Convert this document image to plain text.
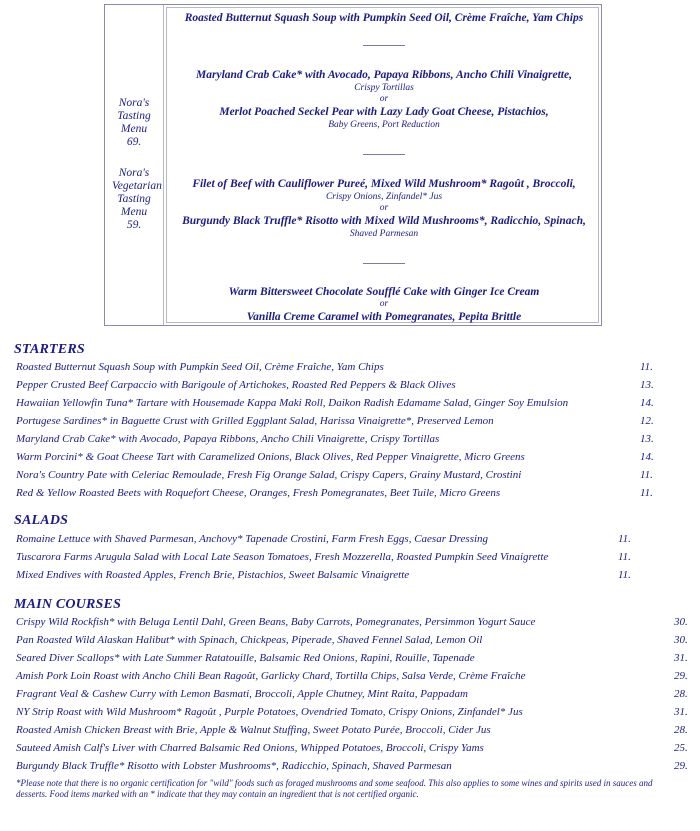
Nora's Tasting Menu
69.
Nora's Vegetarian Tasting Menu
59.
Roasted Butternut Squash Soup with Pumpkin Seed Oil, Crème Fraîche, Yam Chips
Maryland Crab Cake* with Avocado, Papaya Ribbons, Ancho Chili Vinaigrette,
Crispy Tortillas
or
Merlot Poached Seckel Pear with Lazy Lady Goat Cheese, Pistachios,
Baby Greens, Port Reduction
Filet of Beef with Cauliflower Pureé, Mixed Wild Mushroom* Ragoût , Broccoli,
Crispy Onions, Zinfandel* Jus
or
Burgundy Black Truffle* Risotto with Mixed Wild Mushrooms*, Radicchio, Spinach,
Shaved Parmesan
Warm Bittersweet Chocolate Soufflé Cake with Ginger Ice Cream
or
Vanilla Creme Caramel with Pomegranates, Pepita Brittle
STARTERS
Roasted Butternut Squash Soup with Pumpkin Seed Oil, Crème Fraîche, Yam Chips	11.
Pepper Crusted Beef Carpaccio with Barigoule of Artichokes, Roasted Red Peppers & Black Olives	13.
Hawaiian Yellowfin Tuna* Tartare with Housemade Kappa Maki Roll, Daikon Radish Edamame Salad, Ginger Soy Emulsion	14.
Portugese Sardines* in Baguette Crust with Grilled Eggplant Salad, Harissa Vinaigrette*, Preserved Lemon	12.
Maryland Crab Cake* with Avocado, Papaya Ribbons, Ancho Chili Vinaigrette, Crispy Tortillas	13.
Warm Porcini* & Goat Cheese Tart with Caramelized Onions, Black Olives, Red Pepper Vinaigrette, Micro Greens	14.
Nora's Country Pate with Celeriac Remoulade, Fresh Fig Orange Salad, Crispy Capers, Grainy Mustard, Crostini	11.
Red & Yellow Roasted Beets with Roquefort Cheese, Oranges, Fresh Pomegranates, Beet Tuile, Micro Greens	11.
SALADS
Romaine Lettuce with Shaved Parmesan, Anchovy* Tapenade Crostini, Farm Fresh Eggs, Caesar Dressing	11.
Tuscarora Farms Arugula Salad with Local Late Season Tomatoes, Fresh Mozzerella, Roasted Pumpkin Seed Vinaigrette	11.
Mixed Endives with Roasted Apples, French Brie, Pistachios, Sweet Balsamic Vinaigrette	11.
MAIN COURSES
Crispy Wild Rockfish* with Beluga Lentil Dahl, Green Beans, Baby Carrots, Pomegranates, Persimmon Yogurt Sauce	30.
Pan Roasted Wild Alaskan Halibut* with Spinach, Chickpeas, Piperade, Shaved Fennel Salad, Lemon Oil	30.
Seared Diver Scallops* with Late Summer Ratatouille, Balsamic Red Onions, Rapini, Rouille, Tapenade	31.
Amish Pork Loin Roast with Ancho Chili Bean Ragoût, Garlicky Chard, Tortilla Chips, Salsa Verde, Crème Fraîche	29.
Fragrant Veal & Cashew Curry with Lemon Basmati, Broccoli, Apple Chutney, Mint Raita, Pappadam	28.
NY Strip Roast with Wild Mushroom* Ragoût , Purple Potatoes, Ovendried Tomato, Crispy Onions, Zinfandel* Jus	31.
Roasted Amish Chicken Breast with Brie, Apple & Walnut Stuffing, Sweet Potato Purée, Broccoli, Cider Jus	28.
Sauteed Amish Calf's Liver with Charred Balsamic Red Onions, Whipped Potatoes, Broccoli, Crispy Yams	25.
Burgundy Black Truffle* Risotto with Lobster Mushrooms*, Radicchio, Spinach, Shaved Parmesan	29.
*Please note that there is no organic certification for "wild" foods such as foraged mushrooms and some seafood. This also applies to some wines and spirits used in sauces and desserts. Food items marked with an * indicate that they may contain an ingredient that is not certified organic.
